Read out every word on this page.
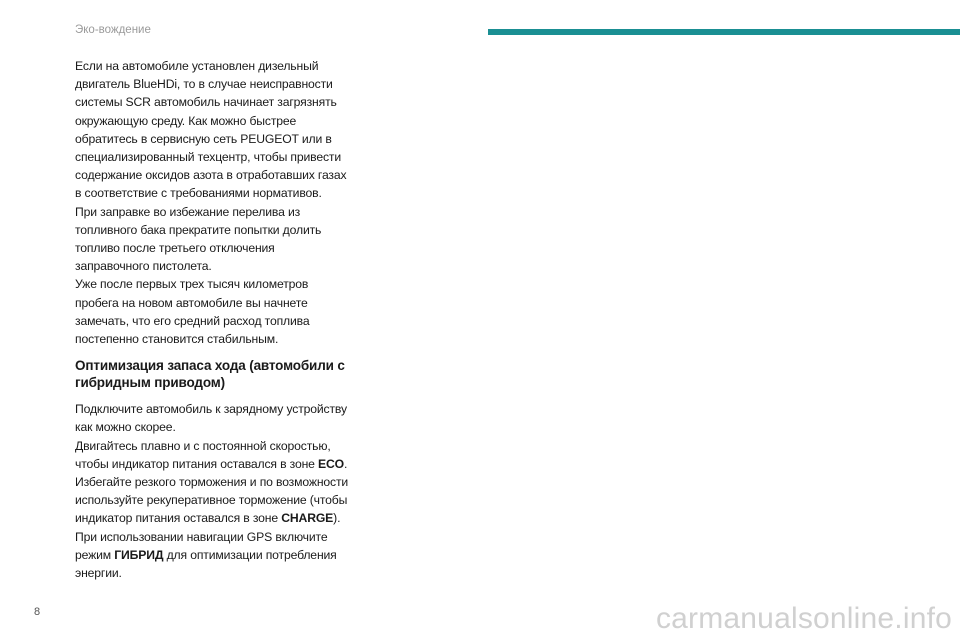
Эко-вождение

Если на автомобиле установлен дизельный двигатель BlueHDi, то в случае неисправности системы SCR автомобиль начинает загрязнять окружающую среду. Как можно быстрее обратитесь в сервисную сеть PEUGEOT или в специализированный техцентр, чтобы привести содержание оксидов азота в отработавших газах в соответствие с требованиями нормативов.

При заправке во избежание перелива из топливного бака прекратите попытки долить топливо после третьего отключения заправочного пистолета.

Уже после первых трех тысяч километров пробега на новом автомобиле вы начнете замечать, что его средний расход топлива постепенно становится стабильным.

Оптимизация запаса хода (автомобили с гибридным приводом)

Подключите автомобиль к зарядному устройству как можно скорее.

Двигайтесь плавно и с постоянной скоростью, чтобы индикатор питания оставался в зоне ECO.

Избегайте резкого торможения и по возможности используйте рекуперативное торможение (чтобы индикатор питания оставался в зоне CHARGE).

При использовании навигации GPS включите режим ГИБРИД для оптимизации потребления энергии.

8	carmanualsonline.info
